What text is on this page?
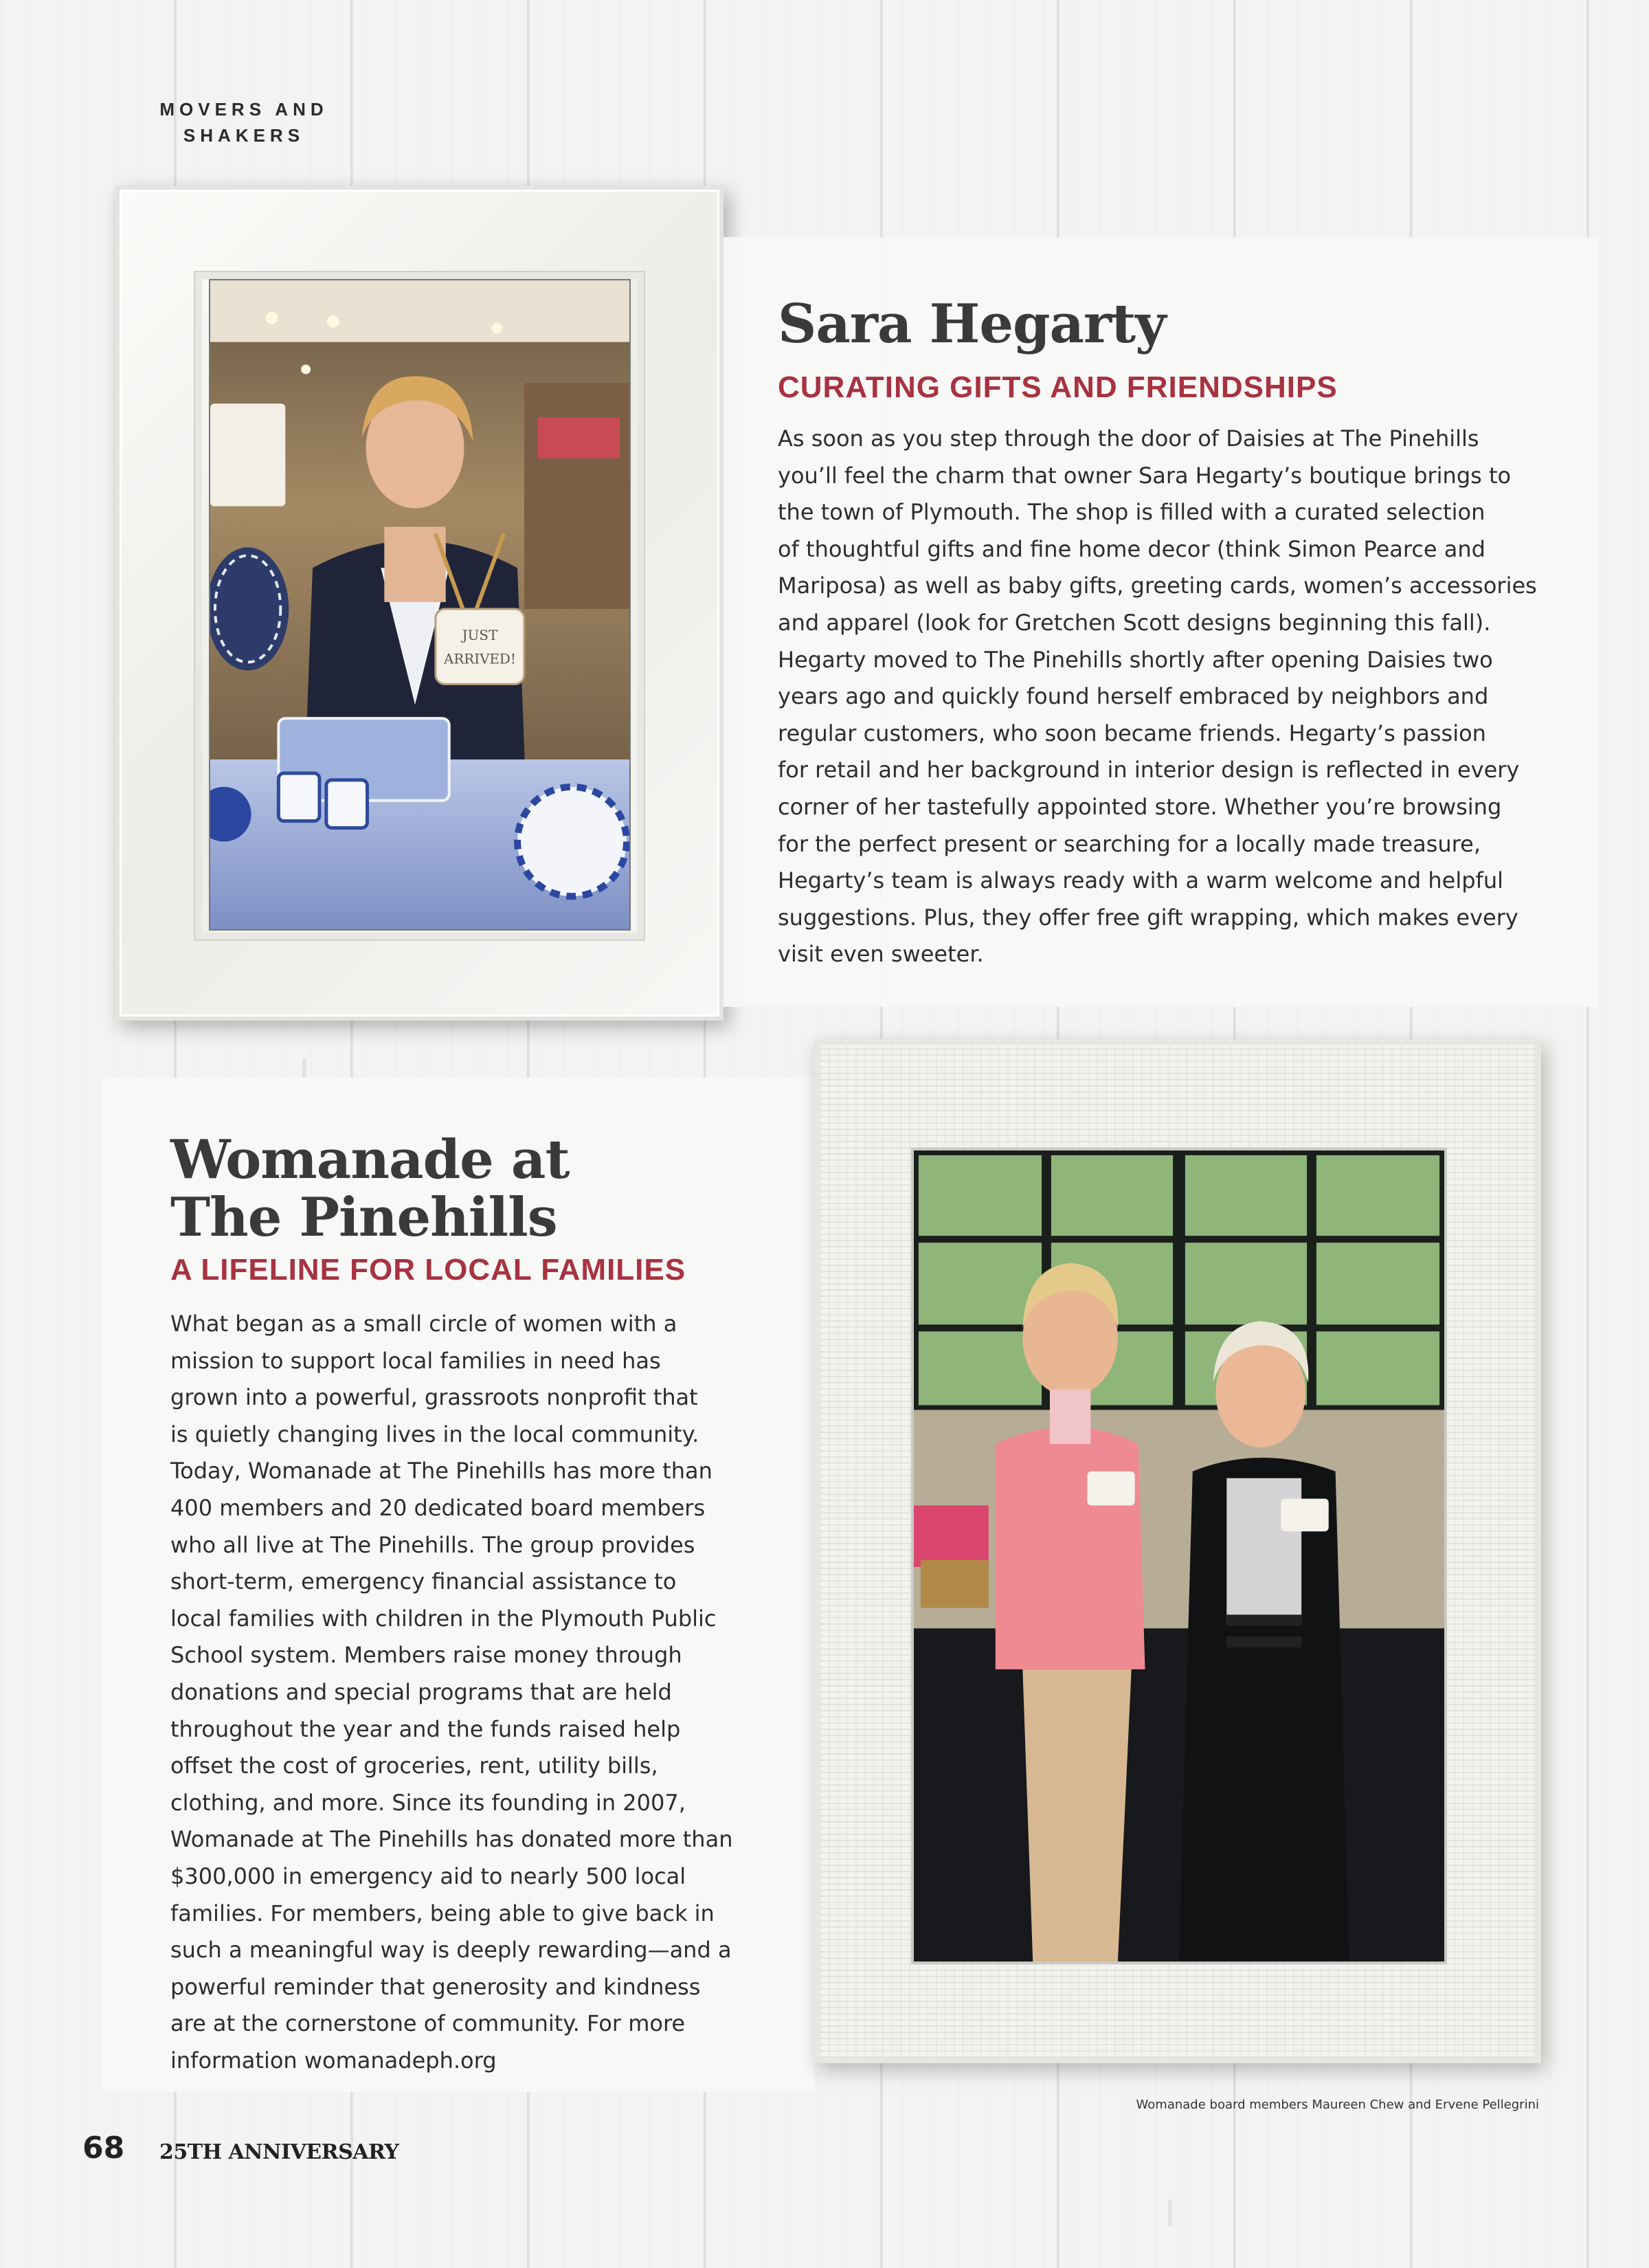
MOVERS AND
SHAKERS
JUST
ARRIVED!
Sara Hegarty
CURATING GIFTS AND FRIENDSHIPS

As soon as you step through the door of Daisies at The Pinehills
you’ll feel the charm that owner Sara Hegarty’s boutique brings to
the town of Plymouth. The shop is filled with a curated selection
of thoughtful gifts and fine home decor (think Simon Pearce and
Mariposa) as well as baby gifts, greeting cards, women’s accessories
and apparel (look for Gretchen Scott designs beginning this fall).
Hegarty moved to The Pinehills shortly after opening Daisies two
years ago and quickly found herself embraced by neighbors and
regular customers, who soon became friends. Hegarty’s passion
for retail and her background in interior design is reflected in every
corner of her tastefully appointed store. Whether you’re browsing
for the perfect present or searching for a locally made treasure,
Hegarty’s team is always ready with a warm welcome and helpful
suggestions. Plus, they offer free gift wrapping, which makes every
visit even sweeter.

Womanade at
The Pinehills
A LIFELINE FOR LOCAL FAMILIES

What began as a small circle of women with a
mission to support local families in need has
grown into a powerful, grassroots nonprofit that
is quietly changing lives in the local community.
Today, Womanade at The Pinehills has more than
400 members and 20 dedicated board members
who all live at The Pinehills. The group provides
short-term, emergency financial assistance to
local families with children in the Plymouth Public
School system. Members raise money through
donations and special programs that are held
throughout the year and the funds raised help
offset the cost of groceries, rent, utility bills,
clothing, and more. Since its founding in 2007,
Womanade at The Pinehills has donated more than
$300,000 in emergency aid to nearly 500 local
families. For members, being able to give back in
such a meaningful way is deeply rewarding—and a
powerful reminder that generosity and kindness
are at the cornerstone of community. For more
information womanadeph.org

Womanade board members Maureen Chew and Ervene Pellegrini
68 25TH ANNIVERSARY
